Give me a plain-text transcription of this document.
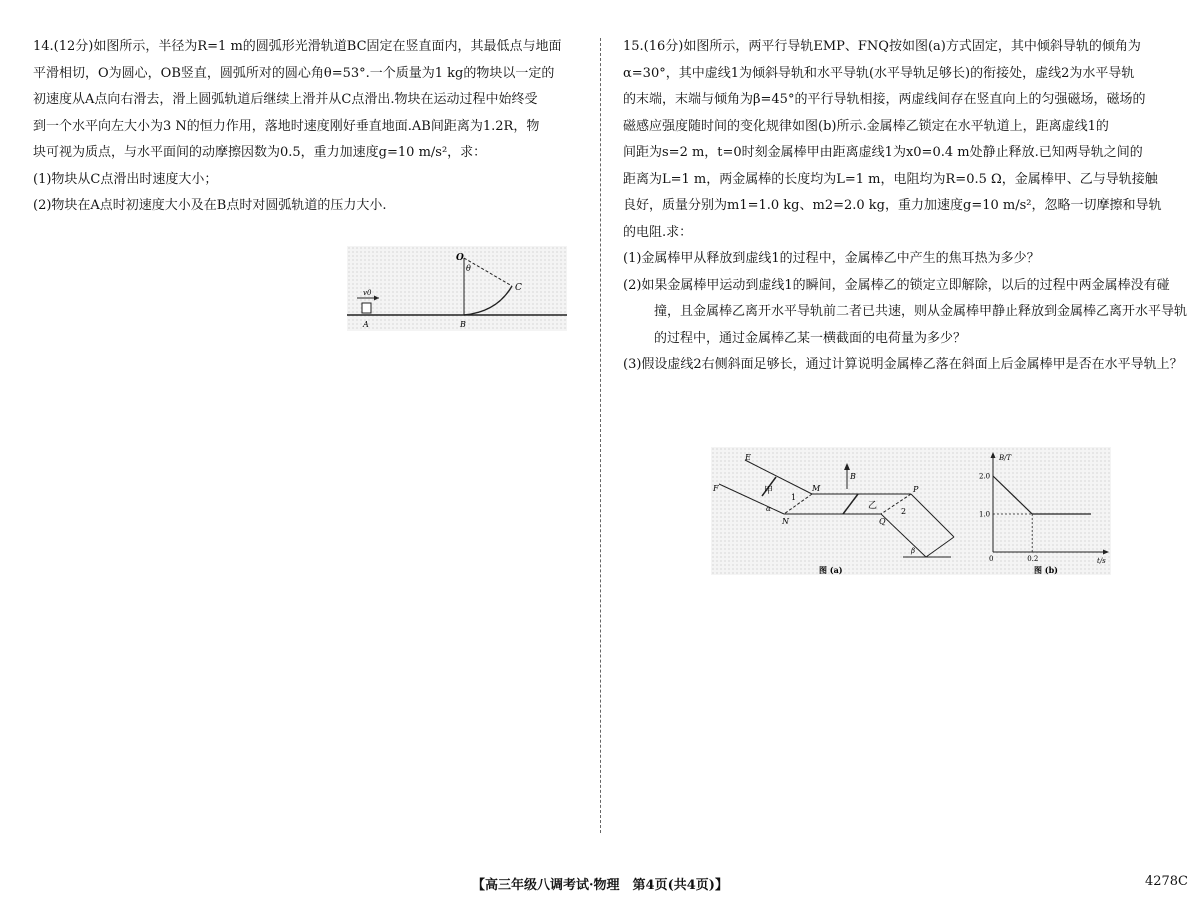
14.(12分)如图所示，半径为R=1 m的圆弧形光滑轨道BC固定在竖直面内，其最低点与地面

平滑相切，O为圆心，OB竖直，圆弧所对的圆心角θ=53°.一个质量为1 kg的物块以一定的

初速度从A点向右滑去，滑上圆弧轨道后继续上滑并从C点滑出.物块在运动过程中始终受

到一个水平向左大小为3 N的恒力作用，落地时速度刚好垂直地面.AB间距离为1.2R，物

块可视为质点，与水平面间的动摩擦因数为0.5，重力加速度g=10 m/s²，求：

(1)物块从C点滑出时速度大小；

(2)物块在A点时初速度大小及在B点时对圆弧轨道的压力大小.

O
θ
C
v0
A	B

15.(16分)如图所示，两平行导轨EMP、FNQ按如图(a)方式固定，其中倾斜导轨的倾角为

α=30°，其中虚线1为倾斜导轨和水平导轨(水平导轨足够长)的衔接处，虚线2为水平导轨

的末端，末端与倾角为β=45°的平行导轨相接，两虚线间存在竖直向上的匀强磁场，磁场的

磁感应强度随时间的变化规律如图(b)所示.金属棒乙锁定在水平轨道上，距离虚线1的

间距为s=2 m，t=0时刻金属棒甲由距离虚线1为x0=0.4 m处静止释放.已知两导轨之间的

距离为L=1 m，两金属棒的长度均为L=1 m，电阻均为R=0.5 Ω，金属棒甲、乙与导轨接触

良好，质量分别为m1=1.0 kg、m2=2.0 kg，重力加速度g=10 m/s²，忽略一切摩擦和导轨

的电阻.求：

(1)金属棒甲从释放到虚线1的过程中，金属棒乙中产生的焦耳热为多少？

(2)如果金属棒甲运动到虚线1的瞬间，金属棒乙的锁定立即解除，以后的过程中两金属棒没有碰撞，且金属棒乙离开水平导轨前二者已共速，则从金属棒甲静止释放到金属棒乙离开水平导轨的过程中，通过金属棒乙某一横截面的电荷量为多少？

(3)假设虚线2右侧斜面足够长，通过计算说明金属棒乙落在斜面上后金属棒甲是否在水平导轨上？

E
F	甲
1
α
N
M
B
乙
P
Q
2
β
图 (a)
B/T
t/s
2.0
1.0
0	0.2
图 (b)
【高三年级八调考试·物理　第4页(共4页)】	4278C
